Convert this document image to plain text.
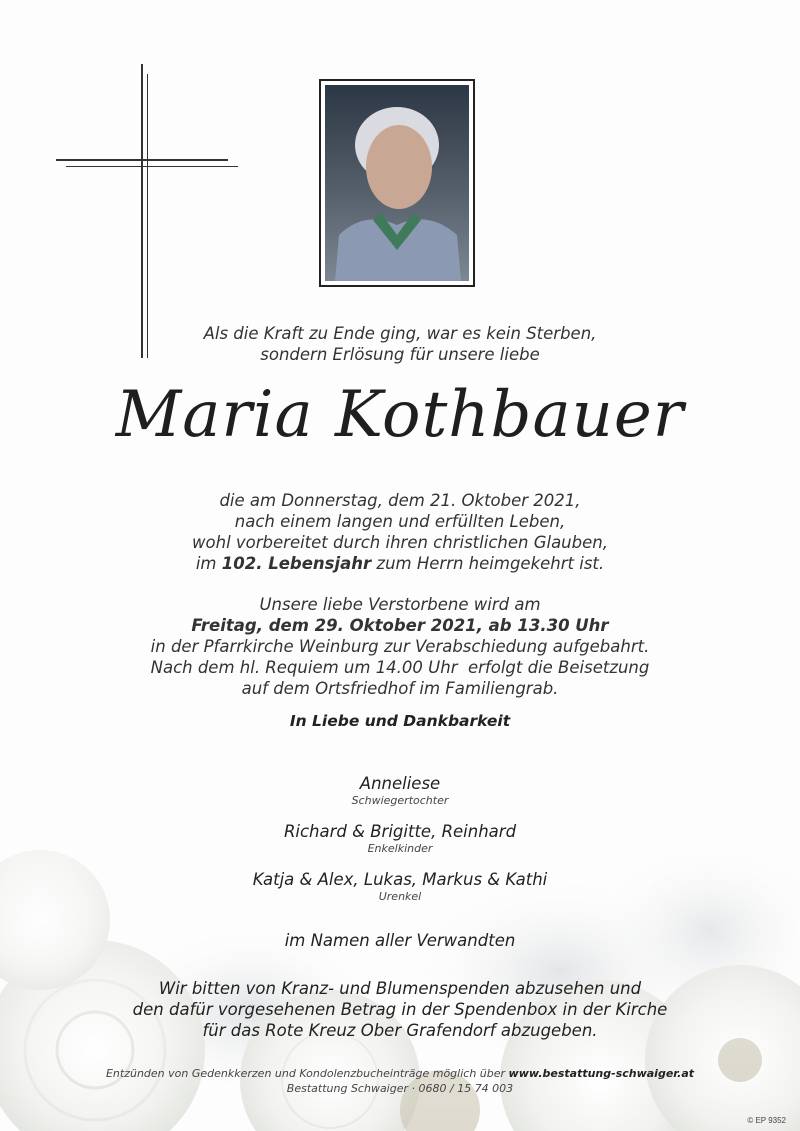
Als die Kraft zu Ende ging, war es kein Sterben,
sondern Erlösung für unsere liebe
Maria Kothbauer
die am Donnerstag, dem 21. Oktober 2021,
nach einem langen und erfüllten Leben,
wohl vorbereitet durch ihren christlichen Glauben,
im 102. Lebensjahr zum Herrn heimgekehrt ist.
Unsere liebe Verstorbene wird am
Freitag, dem 29. Oktober 2021, ab 13.30 Uhr
in der Pfarrkirche Weinburg zur Verabschiedung aufgebahrt.
Nach dem hl. Requiem um 14.00 Uhr  erfolgt die Beisetzung
auf dem Ortsfriedhof im Familiengrab.
In Liebe und Dankbarkeit
Anneliese
Schwiegertochter
Richard & Brigitte, Reinhard
Enkelkinder
Katja & Alex, Lukas, Markus & Kathi
Urenkel
im Namen aller Verwandten
Wir bitten von Kranz- und Blumenspenden abzusehen und
den dafür vorgesehenen Betrag in der Spendenbox in der Kirche
für das Rote Kreuz Ober Grafendorf abzugeben.
Entzünden von Gedenkkerzen und Kondolenzbucheinträge möglich über www.bestattung-schwaiger.at
Bestattung Schwaiger · 0680 / 15 74 003
© EP 9352
